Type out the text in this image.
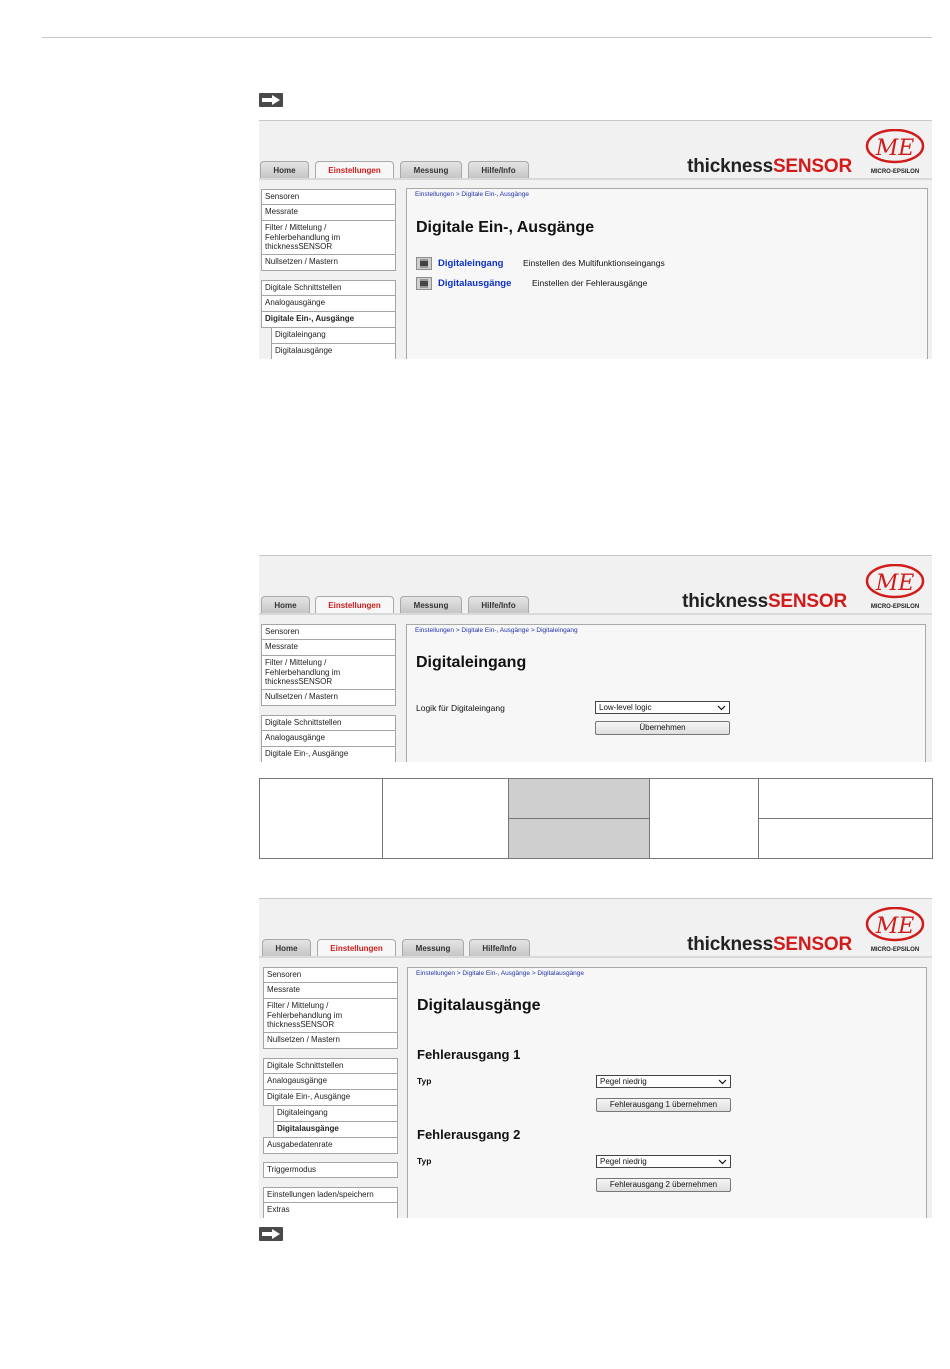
Home	Einstellungen	Messung	Hilfe/Info	thicknessSENSOR
ME
MICRO-EPSILON
Sensoren
Messrate
Filter / Mittelung / Fehlerbehandlung im thicknessSENSOR
Nullsetzen / Mastern
Digitale Schnittstellen
Analogausgänge
Digitale Ein-, Ausgänge
Digitaleingang
Digitalausgänge
Einstellungen > Digitale Ein-, Ausgänge
Digitale Ein-, Ausgänge
Digitaleingang Einstellen des Multifunktionseingangs
Digitalausgänge Einstellen der Fehlerausgänge
Home	Einstellungen	Messung	Hilfe/Info	thicknessSENSOR
ME
MICRO-EPSILON
Sensoren
Messrate
Filter / Mittelung / Fehlerbehandlung im thicknessSENSOR
Nullsetzen / Mastern
Digitale Schnittstellen
Analogausgänge
Digitale Ein-, Ausgänge
Einstellungen > Digitale Ein-, Ausgänge > Digitaleingang
Digitaleingang
Logik für Digitaleingang	Low-level logic
Übernehmen

Home	Einstellungen	Messung	Hilfe/Info	thicknessSENSOR
ME
MICRO-EPSILON
Sensoren
Messrate
Filter / Mittelung / Fehlerbehandlung im thicknessSENSOR
Nullsetzen / Mastern
Digitale Schnittstellen
Analogausgänge
Digitale Ein-, Ausgänge
Digitaleingang
Digitalausgänge
Ausgabedatenrate
Triggermodus
Einstellungen laden/speichern
Extras
Einstellungen > Digitale Ein-, Ausgänge > Digitalausgänge
Digitalausgänge
Fehlerausgang 1
Typ	Pegel niedrig
Fehlerausgang 1 übernehmen
Fehlerausgang 2
Typ	Pegel niedrig
Fehlerausgang 2 übernehmen
